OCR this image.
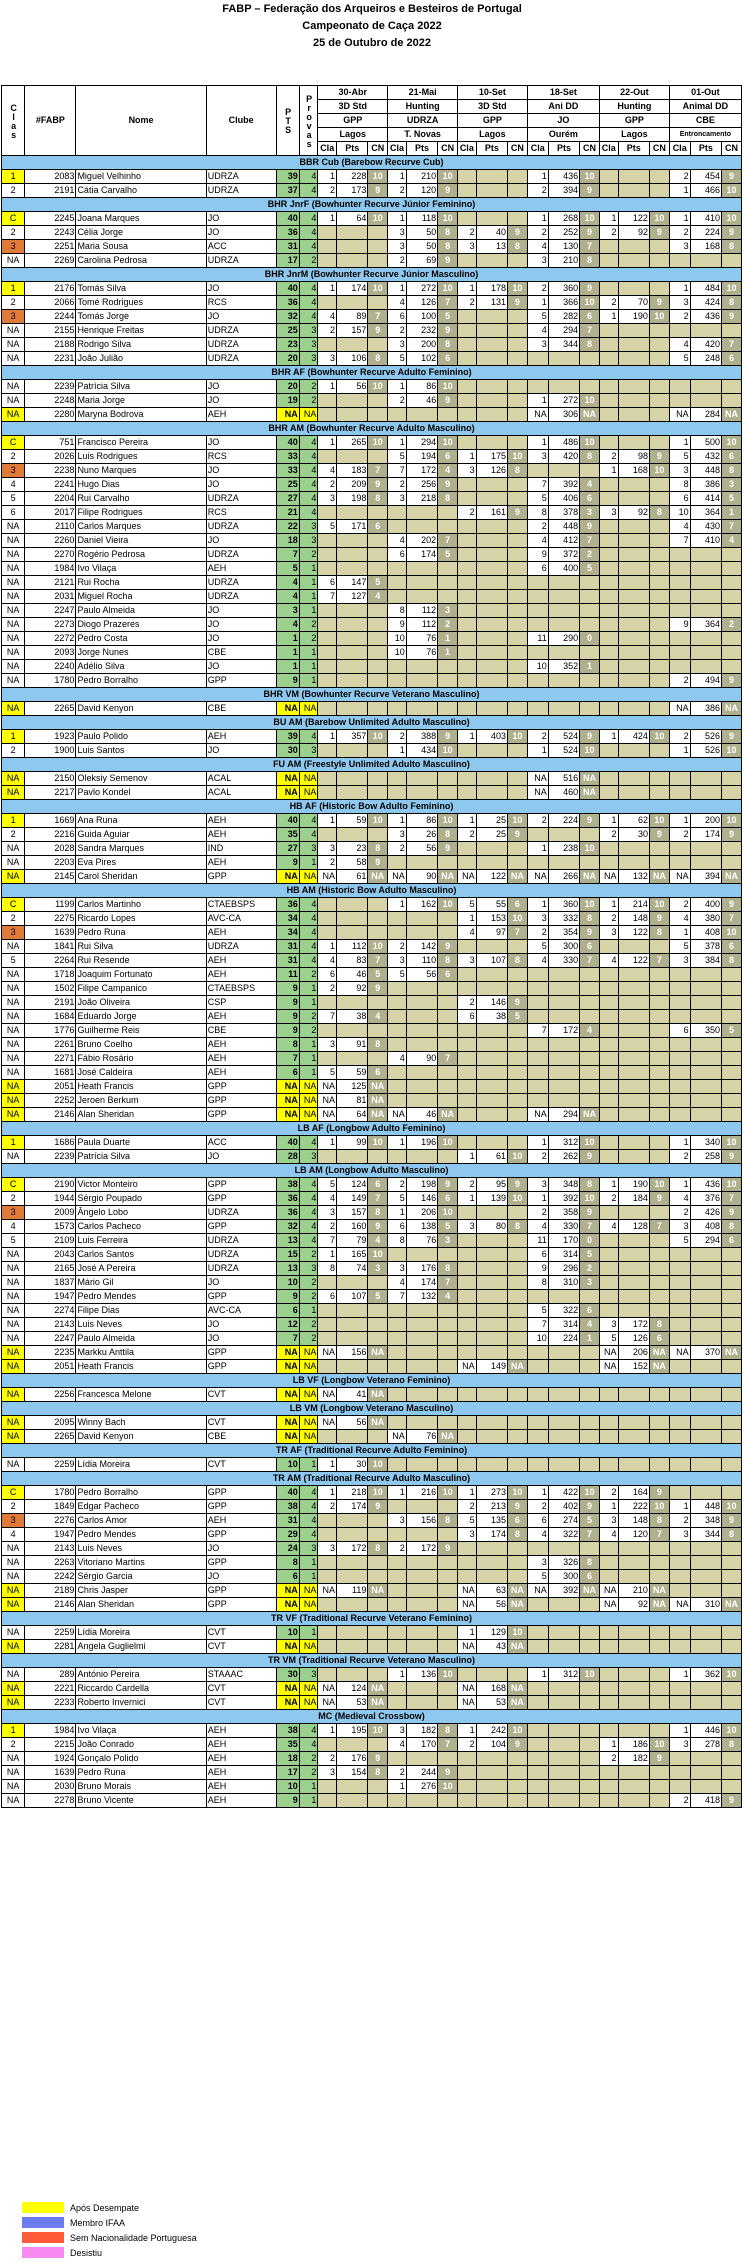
FABP – Federação dos Arqueiros e Besteiros de Portugal
Campeonato de Caça 2022
25 de Outubro de 2022
Clas	#FABP	Nome	Clube	PTS	Provas	30-Abr			21-Mai			10-Set			18-Set			22-Out			01-Out		
						3D Std			Hunting			3D Std			Ani DD			Hunting			Animal DD		
						GPP			UDRZA			GPP			JO			GPP			CBE		
						Lagos			T. Novas			Lagos			Ourém			Lagos			Entroncamento		
						Cla	Pts	CN	Cla	Pts	CN	Cla	Pts	CN	Cla	Pts	CN	Cla	Pts	CN	Cla	Pts	CN
BBR Cub (Barebow Recurve Cub)																							
1	2083	Miguel Velhinho	UDRZA	39	4	1	228	10	1	210	10				1	436	10				2	454	9
2	2191	Cátia Carvalho	UDRZA	37	4	2	173	9	2	120	9				2	394	9				1	466	10
BHR JnrF (Bowhunter Recurve Júnior Feminino)																							
C	2245	Joana Marques	JO	40	4	1	64	10	1	118	10				1	268	10	1	122	10	1	410	10
2	2243	Célia Jorge	JO	36	4				3	50	8	2	40	9	2	252	9	2	92	9	2	224	9
3	2251	Maria Sousa	ACC	31	4				3	50	8	3	13	8	4	130	7				3	168	8
NA	2269	Carolina Pedrosa	UDRZA	17	2				2	69	9				3	210	8						
BHR JnrM (Bowhunter Recurve Júnior Masculino)																							
1	2176	Tomás Silva	JO	40	4	1	174	10	1	272	10	1	178	10	2	360	9				1	484	10
2	2066	Tomé Rodrigues	RCS	36	4				4	126	7	2	131	9	1	366	10	2	70	9	3	424	8
3	2244	Tomás Jorge	JO	32	4	4	89	7	6	100	5				5	282	6	1	190	10	2	436	9
NA	2155	Henrique Freitas	UDRZA	25	3	2	157	9	2	232	9				4	294	7						
NA	2188	Rodrigo Silva	UDRZA	23	3				3	200	8				3	344	8				4	420	7
NA	2231	João Julião	UDRZA	20	3	3	106	8	5	102	6										5	248	6
BHR AF (Bowhunter Recurve Adulto Feminino)																							
NA	2239	Patrícia Silva	JO	20	2	1	56	10	1	86	10												
NA	2248	Maria Jorge	JO	19	2				2	46	9				1	272	10						
NA	2280	Maryna Bodrova	AEH	NA	NA										NA	306	NA				NA	284	NA
BHR AM (Bowhunter Recurve Adulto Masculino)																							
C	751	Francisco Pereira	JO	40	4	1	265	10	1	294	10				1	486	10				1	500	10
2	2026	Luis Rodrigues	RCS	33	4				5	194	6	1	175	10	3	420	8	2	98	9	5	432	6
3	2238	Nuno Marques	JO	33	4	4	183	7	7	172	4	3	126	8				1	168	10	3	448	8
4	2241	Hugo Dias	JO	25	4	2	209	9	2	256	9				7	392	4				8	386	3
5	2204	Rui Carvalho	UDRZA	27	4	3	198	8	3	218	8				5	406	6				6	414	5
6	2017	Filipe Rodrigues	RCS	21	4							2	161	9	8	378	3	3	92	8	10	364	1
NA	2110	Carlos Marques	UDRZA	22	3	5	171	6							2	448	9				4	430	7
NA	2260	Daniel Vieira	JO	18	3				4	202	7				4	412	7				7	410	4
NA	2270	Rogério Pedrosa	UDRZA	7	2				6	174	5				9	372	2						
NA	1984	Ivo Vilaça	AEH	5	1										6	400	5						
NA	2121	Rui Rocha	UDRZA	4	1	6	147	5															
NA	2031	Miguel Rocha	UDRZA	4	1	7	127	4															
NA	2247	Paulo Almeida	JO	3	1				8	112	3												
NA	2273	Diogo Prazeres	JO	4	2				9	112	2										9	364	2
NA	2272	Pedro Costa	JO	1	2				10	76	1				11	290	0						
NA	2093	Jorge Nunes	CBE	1	1				10	76	1												
NA	2240	Adélio Silva	JO	1	1										10	352	1						
NA	1780	Pedro Borralho	GPP	9	1																2	494	9
BHR VM (Bowhunter Recurve Veterano Masculino)																							
NA	2265	David Kenyon	CBE	NA	NA																NA	386	NA
BU AM (Barebow Unlimited Adulto Masculino)																							
1	1923	Paulo Polido	AEH	39	4	1	357	10	2	388	9	1	403	10	2	524	9	1	424	10	2	526	9
2	1900	Luis Santos	JO	30	3				1	434	10				1	524	10				1	526	10
FU AM (Freestyle Unlimited Adulto Masculino)																							
NA	2150	Oleksiy Semenov	ACAL	NA	NA										NA	516	NA						
NA	2217	Pavlo Kondel	ACAL	NA	NA										NA	460	NA						
HB AF (Historic Bow Adulto Feminino)																							
1	1669	Ana Runa	AEH	40	4	1	59	10	1	86	10	1	25	10	2	224	9	1	62	10	1	200	10
2	2216	Guida Aguiar	AEH	35	4				3	26	8	2	25	9				2	30	9	2	174	9
NA	2028	Sandra Marques	IND	27	3	3	23	8	2	56	9				1	238	10						
NA	2203	Eva Pires	AEH	9	1	2	58	9															
NA	2145	Carol Sheridan	GPP	NA	NA	NA	61	NA	NA	90	NA	NA	122	NA	NA	266	NA	NA	132	NA	NA	394	NA
HB AM (Historic Bow Adulto Masculino)																							
C	1199	Carlos Martinho	CTAEBSPS	36	4				1	162	10	5	55	6	1	360	10	1	214	10	2	400	9
2	2275	Ricardo Lopes	AVC-CA	34	4							1	153	10	3	332	8	2	148	9	4	380	7
3	1639	Pedro Runa	AEH	34	4							4	97	7	2	354	9	3	122	8	1	408	10
NA	1841	Rui Silva	UDRZA	31	4	1	112	10	2	142	9				5	300	6				5	378	6
5	2264	Rui Resende	AEH	31	4	4	83	7	3	110	8	3	107	8	4	330	7	4	122	7	3	384	8
NA	1718	Joaquim Fortunato	AEH	11	2	6	46	5	5	56	6												
NA	1502	Filipe Campanico	CTAEBSPS	9	1	2	92	9															
NA	2191	João Oliveira	CSP	9	1							2	146	9									
NA	1684	Eduardo Jorge	AEH	9	2	7	38	4				6	38	5									
NA	1776	Guilherme Reis	CBE	9	2										7	172	4				6	350	5
NA	2261	Bruno Coelho	AEH	8	1	3	91	8															
NA	2271	Fábio Rosário	AEH	7	1				4	90	7												
NA	1681	José Caldeira	AEH	6	1	5	59	6															
NA	2051	Heath Francis	GPP	NA	NA	NA	125	NA															
NA	2252	Jeroen Berkum	GPP	NA	NA	NA	81	NA															
NA	2146	Alan Sheridan	GPP	NA	NA	NA	64	NA	NA	46	NA				NA	294	NA						
LB AF (Longbow Adulto Feminino)																							
1	1686	Paula Duarte	ACC	40	4	1	99	10	1	196	10				1	312	10				1	340	10
NA	2239	Patrícia Silva	JO	28	3							1	61	10	2	262	9				2	258	9
LB AM (Longbow Adulto Masculino)																							
C	2190	Victor Monteiro	GPP	38	4	5	124	6	2	198	9	2	95	9	3	348	8	1	190	10	1	436	10
2	1944	Sérgio Poupado	GPP	36	4	4	149	7	5	146	6	1	139	10	1	392	10	2	184	9	4	376	7
3	2009	Ângelo Lobo	UDRZA	36	4	3	157	8	1	206	10				2	358	9				2	426	9
4	1573	Carlos Pacheco	GPP	32	4	2	160	9	6	138	5	3	80	8	4	330	7	4	128	7	3	408	8
5	2109	Luis Ferreira	UDRZA	13	4	7	79	4	8	76	3				11	170	0				5	294	6
NA	2043	Carlos Santos	UDRZA	15	2	1	165	10							6	314	5						
NA	2165	José A Pereira	UDRZA	13	3	8	74	3	3	176	8				9	296	2						
NA	1837	Mário Gil	JO	10	2				4	174	7				8	310	3						
NA	1947	Pedro Mendes	GPP	9	2	6	107	5	7	132	4												
NA	2274	Filipe Dias	AVC-CA	6	1										5	322	6						
NA	2143	Luis Neves	JO	12	2										7	314	4	3	172	8			
NA	2247	Paulo Almeida	JO	7	2										10	224	1	5	126	6			
NA	2235	Markku Anttila	GPP	NA	NA	NA	156	NA										NA	206	NA	NA	370	NA
NA	2051	Heath Francis	GPP	NA	NA							NA	149	NA				NA	152	NA			
LB VF (Longbow Veterano Feminino)																							
NA	2256	Francesca Melone	CVT	NA	NA	NA	41	NA															
LB VM (Longbow Veterano Masculino)																							
NA	2095	Winny Bach	CVT	NA	NA	NA	56	NA															
NA	2265	David Kenyon	CBE	NA	NA				NA	76	NA												
TR AF (Traditional Recurve Adulto Feminino)																							
NA	2259	Lídia Moreira	CVT	10	1	1	30	10															
TR AM (Traditional Recurve Adulto Masculino)																							
C	1780	Pedro Borralho	GPP	40	4	1	218	10	1	216	10	1	273	10	1	422	10	2	164	9			
2	1849	Edgar Pacheco	GPP	38	4	2	174	9				2	213	9	2	402	9	1	222	10	1	448	10
3	2276	Carlos Amor	AEH	31	4				3	156	8	5	135	6	6	274	5	3	148	8	2	348	9
4	1947	Pedro Mendes	GPP	29	4							3	174	8	4	322	7	4	120	7	3	344	8
NA	2143	Luis Neves	JO	24	3	3	172	8	2	172	9												
NA	2263	Vitoriano Martins	GPP	8	1										3	326	8						
NA	2242	Sérgio Garcia	JO	6	1										5	300	6						
NA	2189	Chris Jasper	GPP	NA	NA	NA	119	NA				NA	63	NA	NA	392	NA	NA	210	NA			
NA	2146	Alan Sheridan	GPP	NA	NA							NA	56	NA				NA	92	NA	NA	310	NA
TR VF (Traditional Recurve Veterano Feminino)																							
NA	2259	Lídia Moreira	CVT	10	1							1	129	10									
NA	2281	Angela Guglielmi	CVT	NA	NA							NA	43	NA									
TR VM (Traditional Recurve Veterano Masculino)																							
NA	289	António Pereira	STAAAC	30	3				1	136	10				1	312	10				1	362	10
NA	2221	Riccardo Cardella	CVT	NA	NA	NA	124	NA				NA	168	NA									
NA	2233	Roberto Invernici	CVT	NA	NA	NA	53	NA				NA	53	NA									
MC (Medieval Crossbow)																							
1	1984	Ivo Vilaça	AEH	38	4	1	195	10	3	182	8	1	242	10							1	446	10
2	2215	João Conrado	AEH	35	4				4	170	7	2	104	9				1	186	10	3	278	8
NA	1924	Gonçalo Polido	AEH	18	2	2	176	9										2	182	9			
NA	1639	Pedro Runa	AEH	17	2	3	154	8	2	244	9												
NA	2030	Bruno Morais	AEH	10	1				1	276	10												
NA	2278	Bruno Vicente	AEH	9	1																2	418	9
Após Desempate
Membro IFAA
Sem Nacionalidade Portuguesa
Desistiu
